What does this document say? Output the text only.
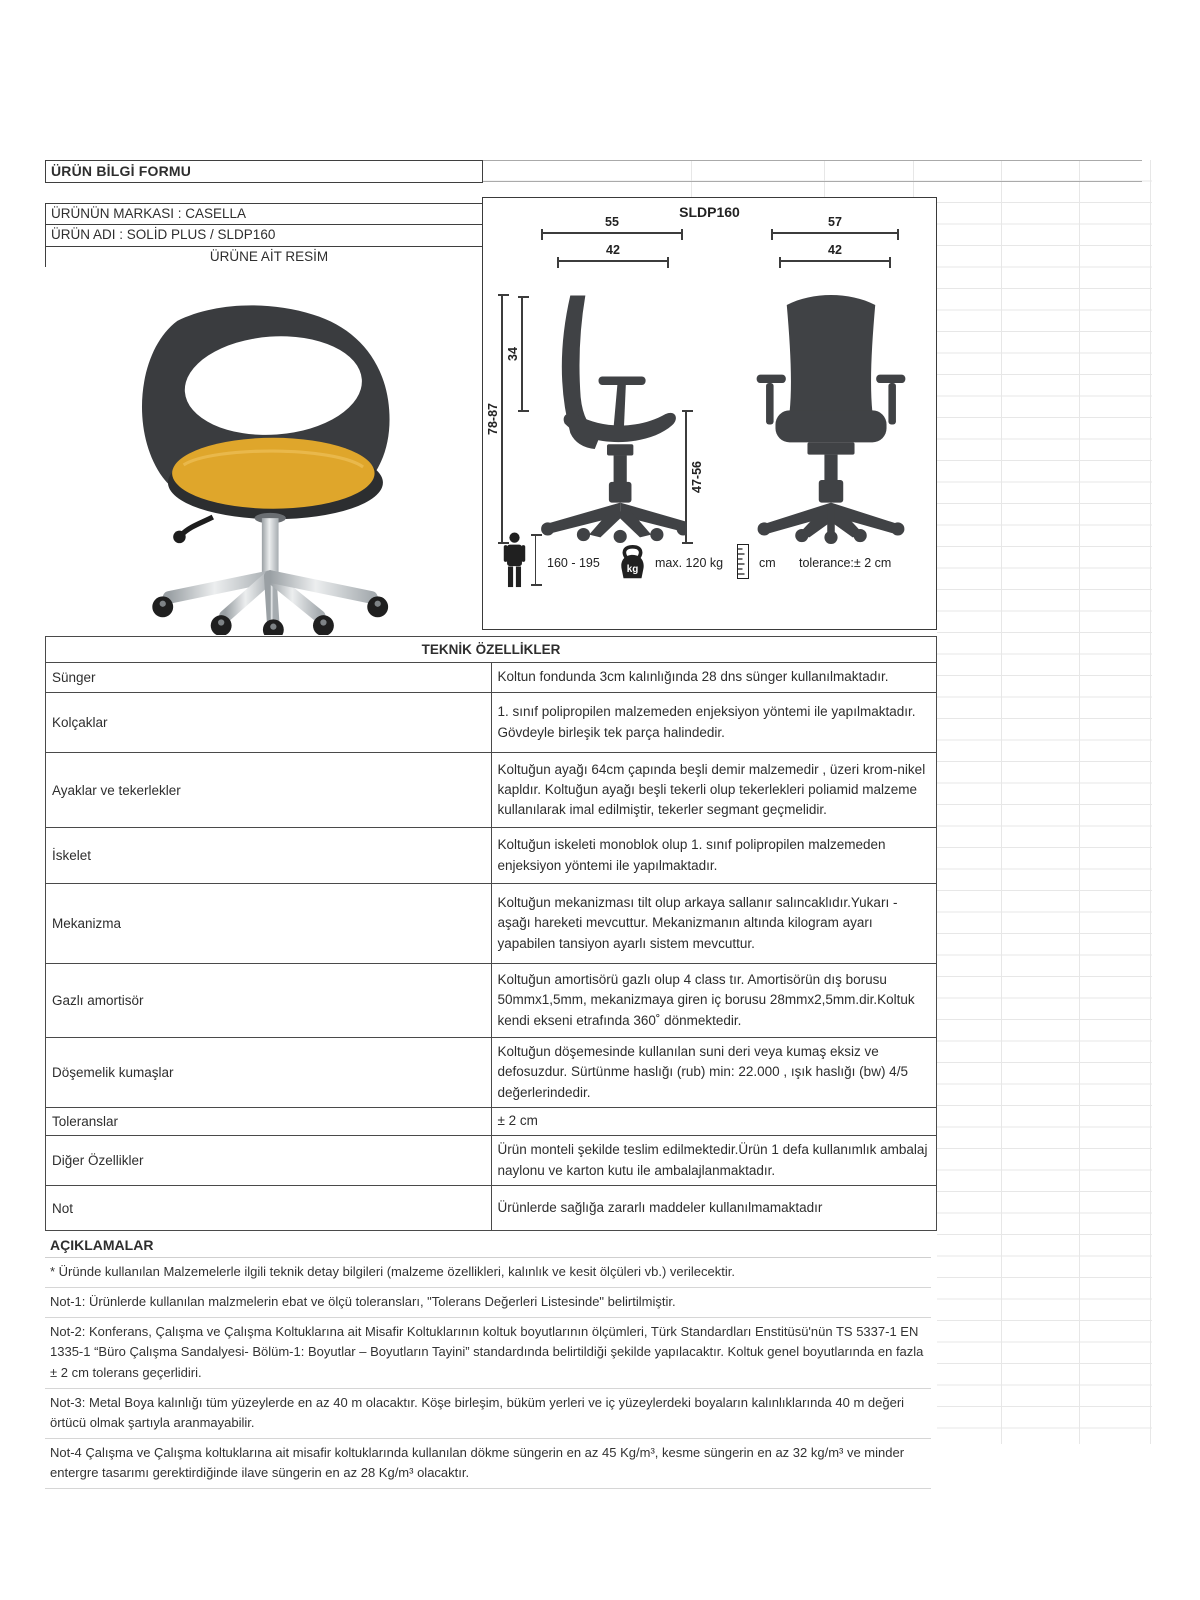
ÜRÜN BİLGİ FORMU
ÜRÜNÜN MARKASI : CASELLA
ÜRÜN ADI : SOLİD PLUS / SLDP160
ÜRÜNE AİT RESİM
SLDP160
55
42
57
42
78-87
34
47-56
160 - 195 kg max. 120 kg	cm tolerance:± 2 cm
TEKNİK ÖZELLİKLER	
Sünger	Koltun fondunda 3cm kalınlığında 28 dns sünger kullanılmaktadır.
Kolçaklar	1. sınıf polipropilen malzemeden enjeksiyon yöntemi ile yapılmaktadır. Gövdeyle birleşik tek parça halindedir.
Ayaklar ve tekerlekler	Koltuğun ayağı 64cm çapında beşli demir malzemedir , üzeri krom-nikel kapldır. Koltuğun ayağı beşli tekerli olup tekerlekleri poliamid malzeme kullanılarak imal edilmiştir, tekerler segmant geçmelidir.
İskelet	Koltuğun iskeleti monoblok olup 1. sınıf polipropilen malzemeden enjeksiyon yöntemi ile yapılmaktadır.
Mekanizma	Koltuğun mekanizması tilt olup arkaya sallanır salıncaklıdır.Yukarı - aşağı hareketi mevcuttur. Mekanizmanın altında kilogram ayarı yapabilen tansiyon ayarlı sistem mevcuttur.
Gazlı amortisör	Koltuğun amortisörü gazlı olup 4 class tır. Amortisörün dış borusu 50mmx1,5mm, mekanizmaya giren iç borusu 28mmx2,5mm.dir.Koltuk kendi ekseni etrafında 360˚ dönmektedir.
Döşemelik kumaşlar	Koltuğun döşemesinde kullanılan suni deri veya kumaş eksiz ve defosuzdur. Sürtünme haslığı (rub) min: 22.000 , ışık haslığı (bw) 4/5 değerlerindedir.
Toleranslar	± 2 cm
Diğer Özellikler	Ürün monteli şekilde teslim edilmektedir.Ürün 1 defa kullanımlık ambalaj naylonu ve karton kutu ile ambalajlanmaktadır.
Not	Ürünlerde sağlığa zararlı maddeler kullanılmamaktadır
AÇIKLAMALAR
* Üründe kullanılan Malzemelerle ilgili teknik detay bilgileri (malzeme özellikleri, kalınlık ve kesit ölçüleri vb.) verilecektir.
Not-1: Ürünlerde kullanılan malzmelerin ebat ve ölçü toleransları, "Tolerans Değerleri Listesinde" belirtilmiştir.
Not-2: Konferans, Çalışma ve Çalışma Koltuklarına ait Misafir Koltuklarının koltuk boyutlarının ölçümleri, Türk Standardları Enstitüsü'nün TS 5337-1 EN 1335-1 “Büro Çalışma Sandalyesi- Bölüm-1: Boyutlar – Boyutların Tayini” standardında belirtildiği şekilde yapılacaktır. Koltuk genel boyutlarında en fazla ± 2 cm tolerans geçerlidiri.
Not-3: Metal Boya kalınlığı tüm yüzeylerde en az 40 m olacaktır. Köşe birleşim, büküm yerleri ve iç yüzeylerdeki boyaların kalınlıklarında 40 m değeri örtücü olmak şartıyla aranmayabilir.
Not-4 Çalışma ve Çalışma koltuklarına ait misafir koltuklarında kullanılan dökme süngerin en az 45 Kg/m³, kesme süngerin en az 32 kg/m³ ve minder entergre tasarımı gerektirdiğinde ilave süngerin en az 28 Kg/m³ olacaktır.
